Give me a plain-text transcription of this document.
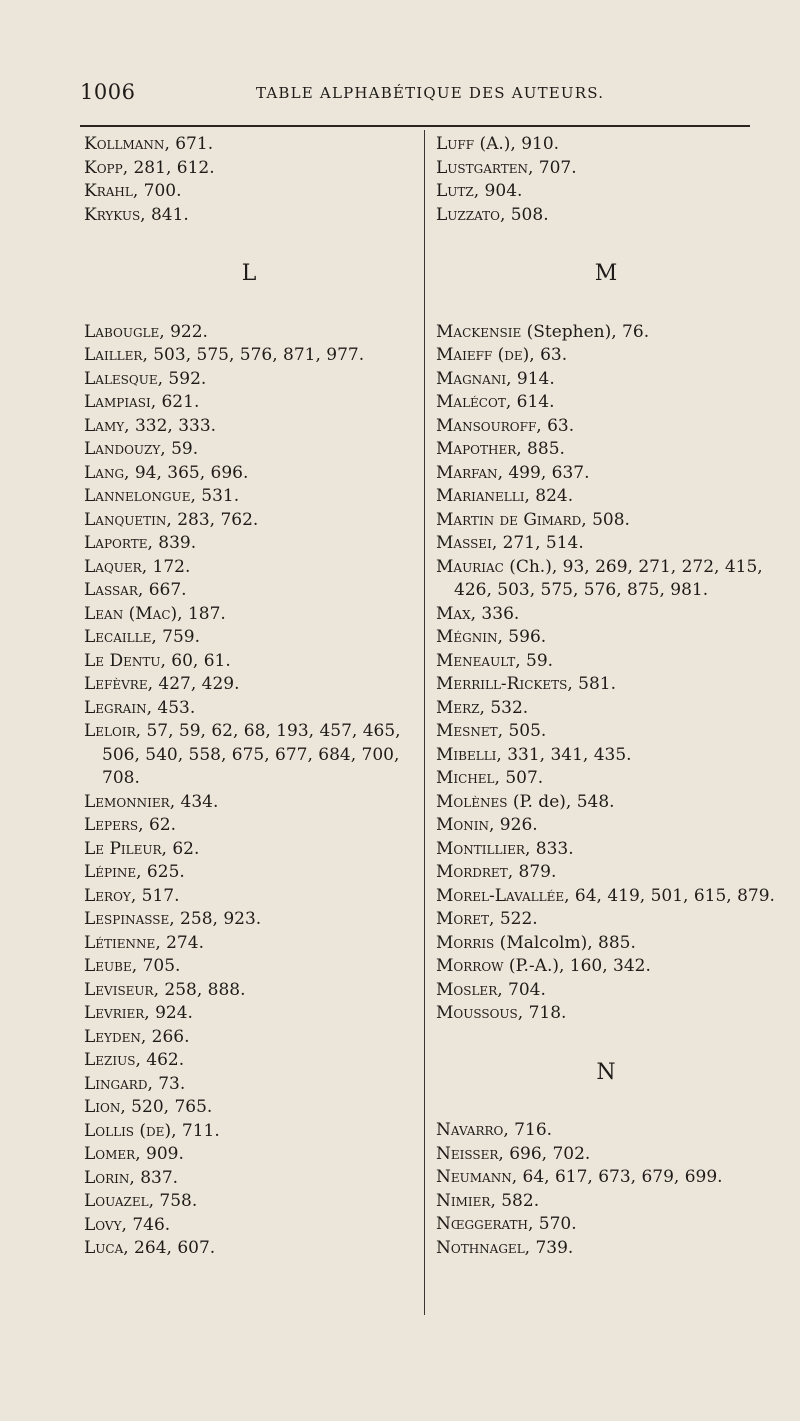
1006	TABLE ALPHABÉTIQUE DES AUTEURS.
Kollmann, 671.
Kopp, 281, 612.
Krahl, 700.
Krykus, 841.
L
Labougle, 922.
Lailler, 503, 575, 576, 871, 977.
Lalesque, 592.
Lampiasi, 621.
Lamy, 332, 333.
Landouzy, 59.
Lang, 94, 365, 696.
Lannelongue, 531.
Lanquetin, 283, 762.
Laporte, 839.
Laquer, 172.
Lassar, 667.
Lean (Mac), 187.
Lecaille, 759.
Le Dentu, 60, 61.
Lefèvre, 427, 429.
Legrain, 453.
Leloir, 57, 59, 62, 68, 193, 457, 465, 506, 540, 558, 675, 677, 684, 700, 708.
Lemonnier, 434.
Lepers, 62.
Le Pileur, 62.
Lépine, 625.
Leroy, 517.
Lespinasse, 258, 923.
Létienne, 274.
Leube, 705.
Leviseur, 258, 888.
Levrier, 924.
Leyden, 266.
Lezius, 462.
Lingard, 73.
Lion, 520, 765.
Lollis (de), 711.
Lomer, 909.
Lorin, 837.
Louazel, 758.
Lovy, 746.
Luca, 264, 607.
Luff (A.), 910.
Lustgarten, 707.
Lutz, 904.
Luzzato, 508.
M
Mackensie (Stephen), 76.
Maieff (de), 63.
Magnani, 914.
Malécot, 614.
Mansouroff, 63.
Mapother, 885.
Marfan, 499, 637.
Marianelli, 824.
Martin de Gimard, 508.
Massei, 271, 514.
Mauriac (Ch.), 93, 269, 271, 272, 415, 426, 503, 575, 576, 875, 981.
Max, 336.
Mégnin, 596.
Meneault, 59.
Merrill-Rickets, 581.
Merz, 532.
Mesnet, 505.
Mibelli, 331, 341, 435.
Michel, 507.
Molènes (P. de), 548.
Monin, 926.
Montillier, 833.
Mordret, 879.
Morel-Lavallée, 64, 419, 501, 615, 879.
Moret, 522.
Morris (Malcolm), 885.
Morrow (P.-A.), 160, 342.
Mosler, 704.
Moussous, 718.
N
Navarro, 716.
Neisser, 696, 702.
Neumann, 64, 617, 673, 679, 699.
Nimier, 582.
Nœggerath, 570.
Nothnagel, 739.
